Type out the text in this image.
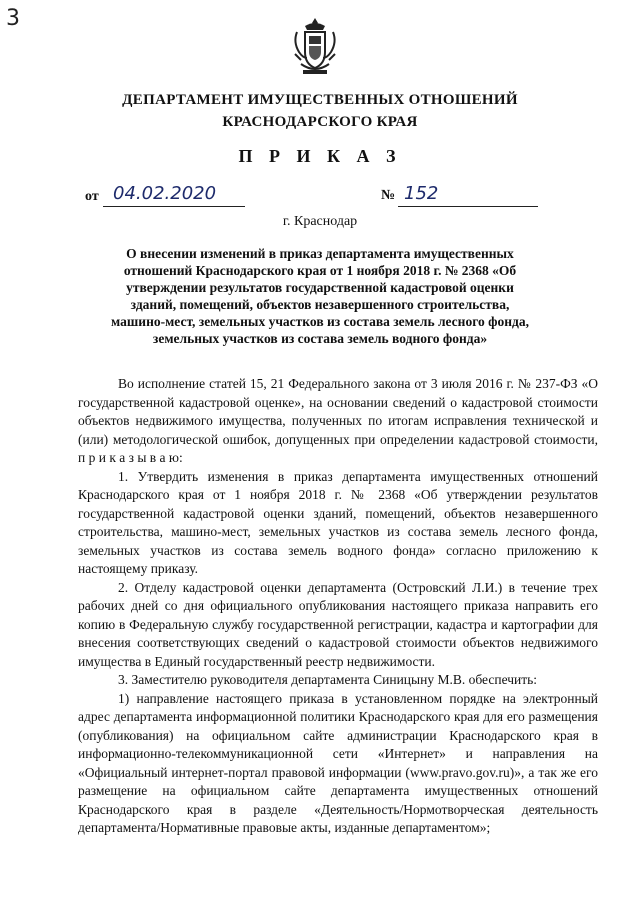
3
ДЕПАРТАМЕНТ ИМУЩЕСТВЕННЫХ ОТНОШЕНИЙ
КРАСНОДАРСКОГО КРАЯ
П Р И К А З
от 04.02.2020	№ 152
г. Краснодар
О внесении изменений в приказ департамента имущественных отношений Краснодарского края от 1 ноября 2018 г. № 2368 «Об утверждении результатов государственной кадастровой оценки зданий, помещений, объектов незавершенного строительства, машино-мест, земельных участков из состава земель лесного фонда, земельных участков из состава земель водного фонда»

Во исполнение статей 15, 21 Федерального закона от 3 июля 2016 г. № 237-ФЗ «О государственной кадастровой оценке», на основании сведений о кадастровой стоимости объектов недвижимого имущества, полученных по итогам исправления технической и (или) методологической ошибок, допущенных при определении кадастровой стоимости, п р и к а з ы в а ю:

1. Утвердить изменения в приказ департамента имущественных отношений Краснодарского края от 1 ноября 2018 г. № 2368 «Об утверждении результатов государственной кадастровой оценки зданий, помещений, объектов незавершенного строительства, машино-мест, земельных участков из состава земель лесного фонда, земельных участков из состава земель водного фонда» согласно приложению к настоящему приказу.

2. Отделу кадастровой оценки департамента (Островский Л.И.) в течение трех рабочих дней со дня официального опубликования настоящего приказа направить его копию в Федеральную службу государственной регистрации, кадастра и картографии для внесения соответствующих сведений о кадастровой стоимости объектов недвижимого имущества в Единый государственный реестр недвижимости.

3. Заместителю руководителя департамента Синицыну М.В. обеспечить:

1) направление настоящего приказа в установленном порядке на электронный адрес департамента информационной политики Краснодарского края для его размещения (опубликования) на официальном сайте администрации Краснодарского края в информационно-телекоммуникационной сети «Интернет» и направления на «Официальный интернет-портал правовой информации (www.pravo.gov.ru)», а так же его размещение на официальном сайте департамента имущественных отношений Краснодарского края в разделе «Деятельность/Нормотворческая деятельность департамента/Нормативные правовые акты, изданные департаментом»;
